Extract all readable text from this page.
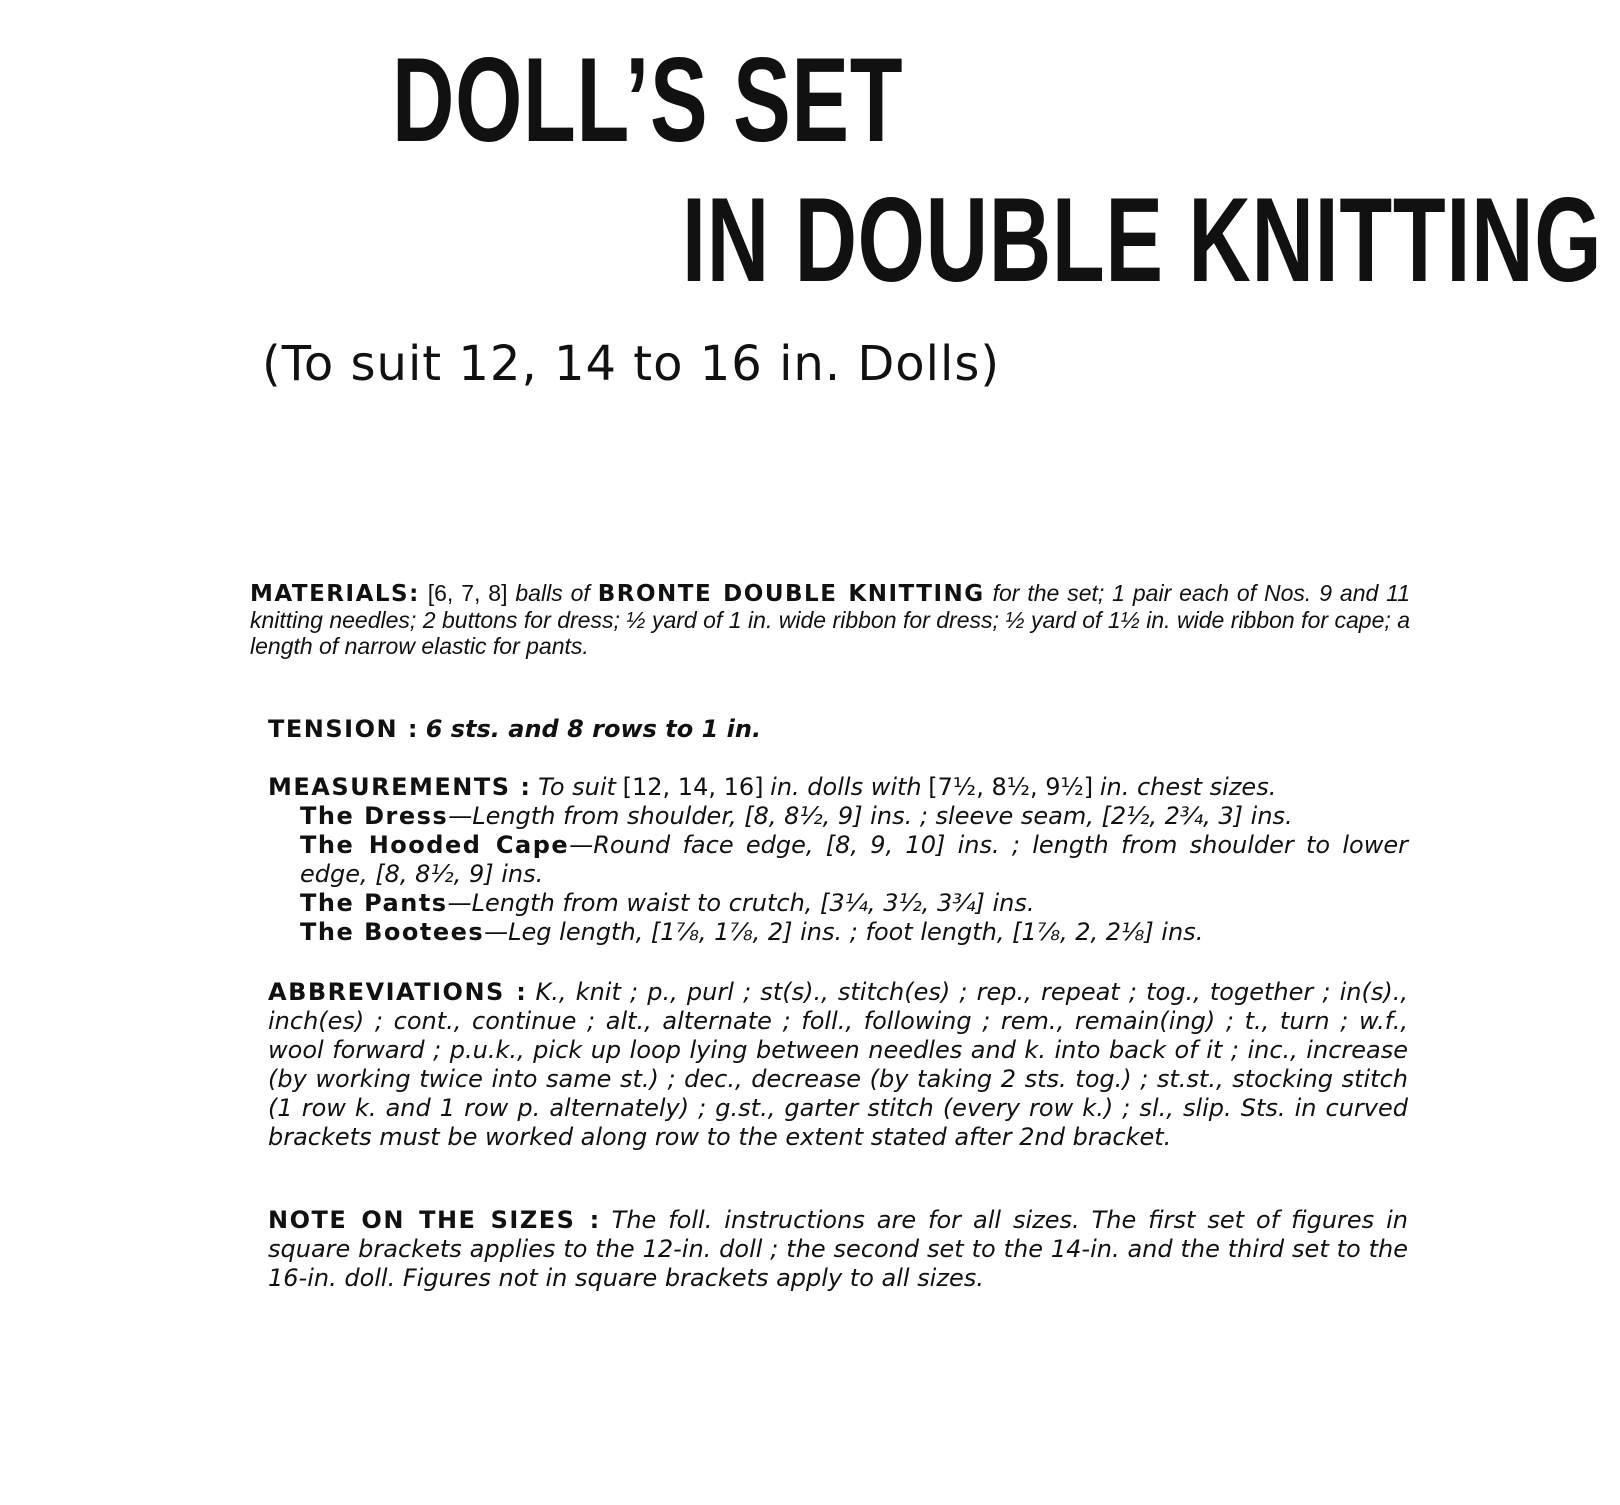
DOLL’S SET
IN DOUBLE KNITTING
(To suit 12, 14 to 16 in. Dolls)
MATERIALS: [6, 7, 8] balls of BRONTE DOUBLE KNITTING for the set; 1 pair each of Nos. 9 and 11 knitting needles; 2 buttons for dress; ½ yard of 1 in. wide ribbon for dress; ½ yard of 1½ in. wide ribbon for cape; a length of narrow elastic for pants.
TENSION : 6 sts. and 8 rows to 1 in.
MEASUREMENTS : To suit [12, 14, 16] in. dolls with [7½, 8½, 9½] in. chest sizes.
The Dress—Length from shoulder, [8, 8½, 9] ins. ; sleeve seam, [2½, 2¾, 3] ins.
The Hooded Cape—Round face edge, [8, 9, 10] ins. ; length from shoulder to lower edge, [8, 8½, 9] ins.
The Pants—Length from waist to crutch, [3¼, 3½, 3¾] ins.
The Bootees—Leg length, [1⅞, 1⅞, 2] ins. ; foot length, [1⅞, 2, 2⅛] ins.
ABBREVIATIONS : K., knit ; p., purl ; st(s)., stitch(es) ; rep., repeat ; tog., together ; in(s)., inch(es) ; cont., continue ; alt., alternate ; foll., following ; rem., remain(ing) ; t., turn ; w.f., wool forward ; p.u.k., pick up loop lying between needles and k. into back of it ; inc., increase (by working twice into same st.) ; dec., decrease (by taking 2 sts. tog.) ; st.st., stocking stitch (1 row k. and 1 row p. alternately) ; g.st., garter stitch (every row k.) ; sl., slip. Sts. in curved brackets must be worked along row to the extent stated after 2nd bracket.
NOTE ON THE SIZES : The foll. instructions are for all sizes. The first set of figures in square brackets applies to the 12-in. doll ; the second set to the 14-in. and the third set to the 16-in. doll. Figures not in square brackets apply to all sizes.
